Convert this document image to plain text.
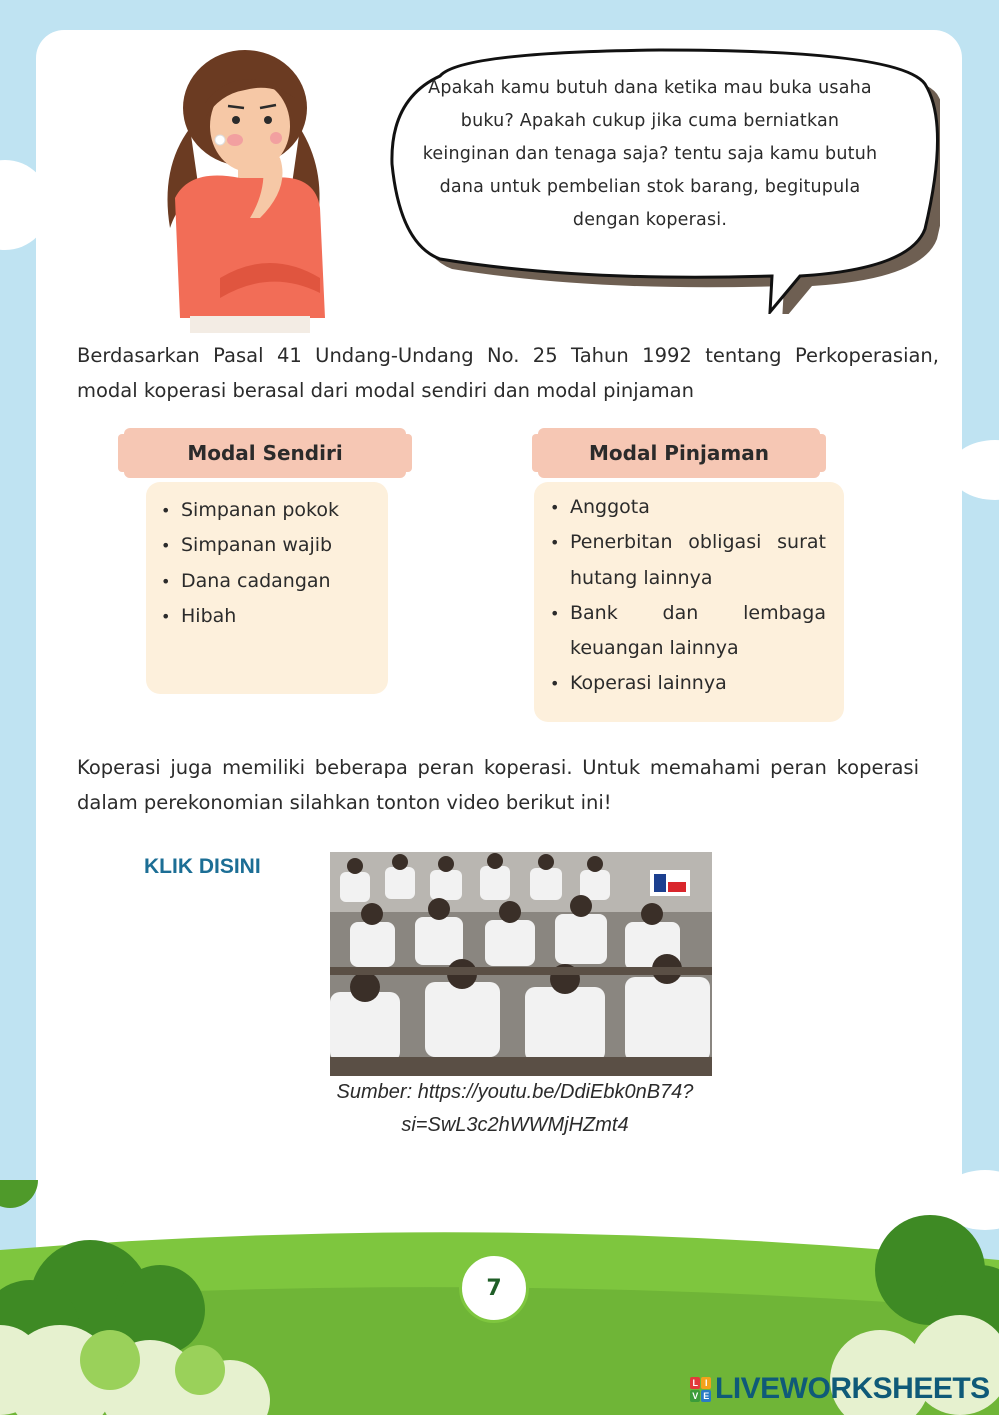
Apakah kamu butuh dana ketika mau buka usaha buku? Apakah cukup jika cuma berniatkan keinginan dan tenaga saja? tentu saja kamu butuh dana untuk pembelian stok barang, begitupula dengan koperasi.
Berdasarkan Pasal 41 Undang-Undang No. 25 Tahun 1992 tentang Perkoperasian, modal koperasi berasal dari modal sendiri dan modal pinjaman
Modal Sendiri
• Simpanan pokok
• Simpanan wajib
• Dana cadangan
• Hibah
Modal Pinjaman
• Anggota
• Penerbitan obligasi surat hutang lainnya
• Bank dan lembaga keuangan lainnya
• Koperasi lainnya
Koperasi juga memiliki beberapa peran koperasi. Untuk memahami peran koperasi dalam perekonomian silahkan tonton video berikut ini!
KLIK DISINI
Sumber: https://youtu.be/DdiEbk0nB74?
si=SwL3c2hWWMjHZmt4
7
L I
V E LIVEWORKSHEETS
